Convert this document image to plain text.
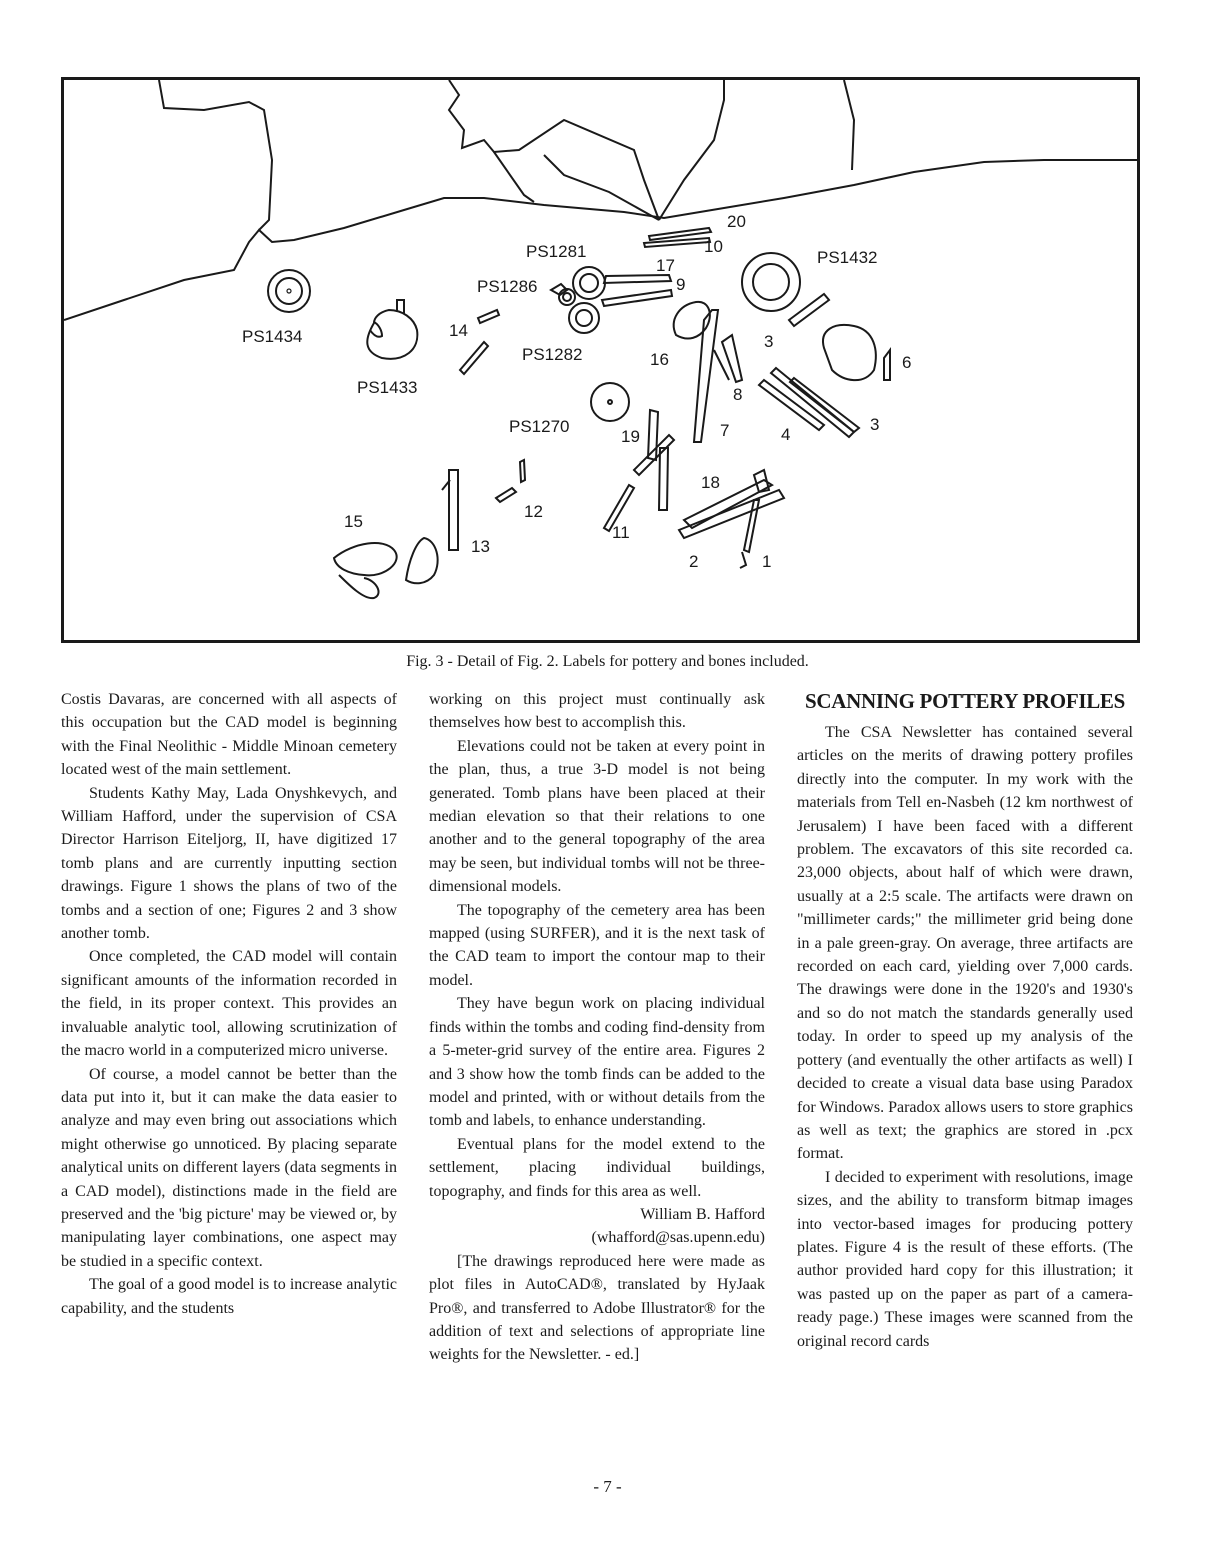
PS1281
PS1286
PS1432
PS1434
PS1433
PS1282
PS1270
20
10
17
9
14
16
3
6
8
3
4
7
19
18
12
15
13
11
2	1
Fig. 3 - Detail of Fig. 2. Labels for pottery and bones included.

Costis Davaras, are concerned with all aspects of this occupation but the CAD model is beginning with the Final Neolithic - Middle Minoan cemetery located west of the main settlement.

Students Kathy May, Lada Onyshkevych, and William Hafford, under the supervision of CSA Director Harrison Eiteljorg, II, have digitized 17 tomb plans and are currently inputting section drawings. Figure 1 shows the plans of two of the tombs and a section of one; Figures 2 and 3 show another tomb.

Once completed, the CAD model will contain significant amounts of the information recorded in the field, in its proper context. This provides an invaluable analytic tool, allowing scrutinization of the macro world in a computerized micro universe.

Of course, a model cannot be better than the data put into it, but it can make the data easier to analyze and may even bring out associations which might otherwise go unnoticed. By placing separate analytical units on different layers (data segments in a CAD model), distinctions made in the field are preserved and the 'big picture' may be viewed or, by manipulating layer combinations, one aspect may be studied in a specific context.

The goal of a good model is to increase analytic capability, and the students

working on this project must continually ask themselves how best to accomplish this.

Elevations could not be taken at every point in the plan, thus, a true 3-D model is not being generated. Tomb plans have been placed at their median elevation so that their relations to one another and to the general topography of the area may be seen, but individual tombs will not be three-dimensional models.

The topography of the cemetery area has been mapped (using SURFER), and it is the next task of the CAD team to import the contour map to their model.

They have begun work on placing individual finds within the tombs and coding find-density from a 5-meter-grid survey of the entire area. Figures 2 and 3 show how the tomb finds can be added to the model and printed, with or without details from the tomb and labels, to enhance understanding.

Eventual plans for the model extend to the settlement, placing individual buildings, topography, and finds for this area as well.

William B. Hafford

(whafford@sas.upenn.edu)

[The drawings reproduced here were made as plot files in AutoCAD®, translated by HyJaak Pro®, and transferred to Adobe Illustrator® for the addition of text and selections of appropriate line weights for the Newsletter. - ed.]

SCANNING POTTERY PROFILES

The CSA Newsletter has contained several articles on the merits of drawing pottery profiles directly into the computer. In my work with the materials from Tell en-Nasbeh (12 km northwest of Jerusalem) I have been faced with a different problem. The excavators of this site recorded ca. 23,000 objects, about half of which were drawn, usually at a 2:5 scale. The artifacts were drawn on "millimeter cards;" the millimeter grid being done in a pale green-gray. On average, three artifacts are recorded on each card, yielding over 7,000 cards. The drawings were done in the 1920's and 1930's and so do not match the standards generally used today. In order to speed up my analysis of the pottery (and eventually the other artifacts as well) I decided to create a visual data base using Paradox for Windows. Paradox allows users to store graphics as well as text; the graphics are stored in .pcx format.

I decided to experiment with resolutions, image sizes, and the ability to transform bitmap images into vector-based images for producing pottery plates. Figure 4 is the result of these efforts. (The author provided hard copy for this illustration; it was pasted up on the paper as part of a camera-ready page.) These images were scanned from the original record cards

- 7 -
